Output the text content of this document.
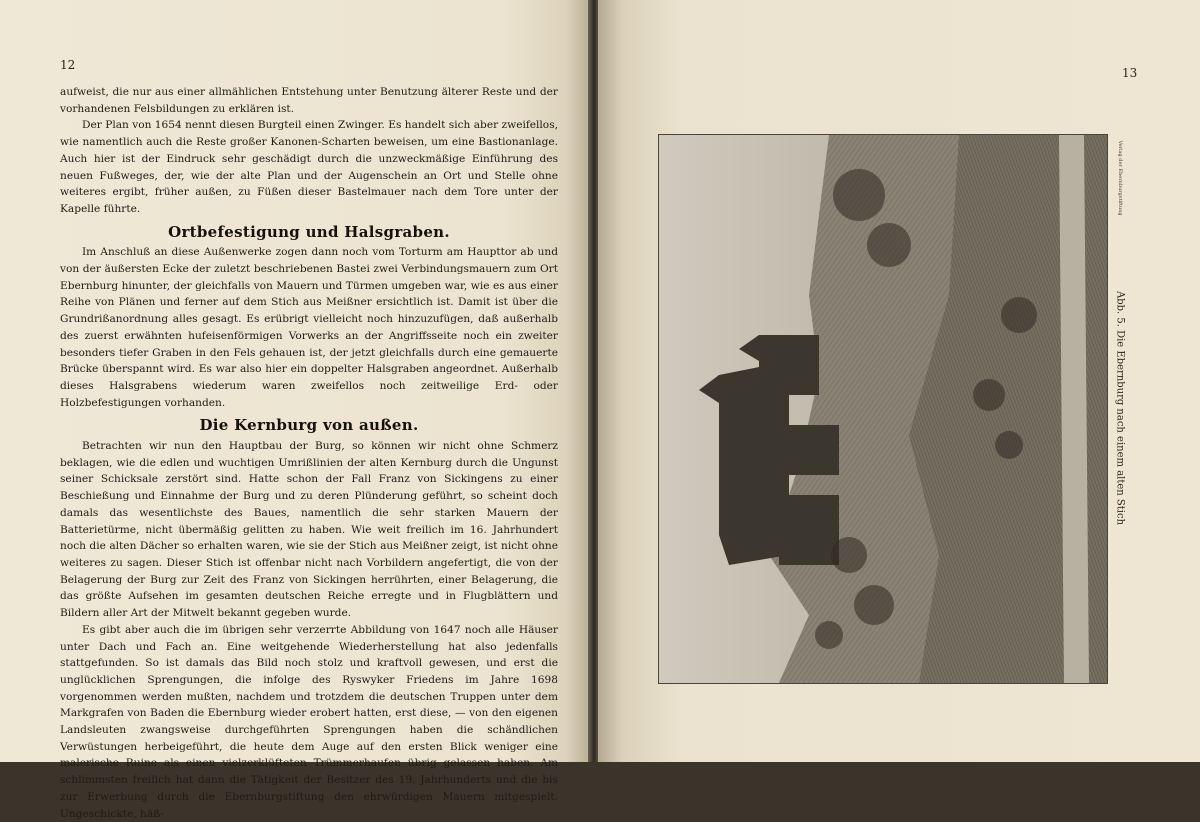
12

aufweist, die nur aus einer allmählichen Entstehung unter Benutzung älterer Reste und der vorhandenen Felsbildungen zu erklären ist.

Der Plan von 1654 nennt diesen Burgteil einen Zwinger. Es handelt sich aber zweifellos, wie namentlich auch die Reste großer Kanonen-Scharten beweisen, um eine Bastionanlage. Auch hier ist der Eindruck sehr geschädigt durch die unzweckmäßige Einführung des neuen Fußweges, der, wie der alte Plan und der Augenschein an Ort und Stelle ohne weiteres ergibt, früher außen, zu Füßen dieser Bastelmauer nach dem Tore unter der Kapelle führte.

Ortbefestigung und Halsgraben.

Im Anschluß an diese Außenwerke zogen dann noch vom Torturm am Haupttor ab und von der äußersten Ecke der zuletzt beschriebenen Bastei zwei Verbindungsmauern zum Ort Ebernburg hinunter, der gleichfalls von Mauern und Türmen umgeben war, wie es aus einer Reihe von Plänen und ferner auf dem Stich aus Meißner ersichtlich ist. Damit ist über die Grundrißanordnung alles gesagt. Es erübrigt vielleicht noch hinzuzufügen, daß außerhalb des zuerst erwähnten hufeisenförmigen Vorwerks an der Angriffsseite noch ein zweiter besonders tiefer Graben in den Fels gehauen ist, der jetzt gleichfalls durch eine gemauerte Brücke überspannt wird. Es war also hier ein doppelter Halsgraben angeordnet. Außerhalb dieses Halsgrabens wiederum waren zweifellos noch zeitweilige Erd- oder Holzbefestigungen vorhanden.

Die Kernburg von außen.

Betrachten wir nun den Hauptbau der Burg, so können wir nicht ohne Schmerz beklagen, wie die edlen und wuchtigen Umrißlinien der alten Kernburg durch die Ungunst seiner Schicksale zerstört sind. Hatte schon der Fall Franz von Sickingens zu einer Beschießung und Einnahme der Burg und zu deren Plünderung geführt, so scheint doch damals das wesentlichste des Baues, namentlich die sehr starken Mauern der Batterietürme, nicht übermäßig gelitten zu haben. Wie weit freilich im 16. Jahrhundert noch die alten Dächer so erhalten waren, wie sie der Stich aus Meißner zeigt, ist nicht ohne weiteres zu sagen. Dieser Stich ist offenbar nicht nach Vorbildern angefertigt, die von der Belagerung der Burg zur Zeit des Franz von Sickingen herrührten, einer Belagerung, die das größte Aufsehen im gesamten deutschen Reiche erregte und in Flugblättern und Bildern aller Art der Mitwelt bekannt gegeben wurde.

Es gibt aber auch die im übrigen sehr verzerrte Abbildung von 1647 noch alle Häuser unter Dach und Fach an. Eine weitgehende Wiederherstellung hat also jedenfalls stattgefunden. So ist damals das Bild noch stolz und kraftvoll gewesen, und erst die unglücklichen Sprengungen, die infolge des Ryswyker Friedens im Jahre 1698 vorgenommen werden mußten, nachdem und trotzdem die deutschen Truppen unter dem Markgrafen von Baden die Ebernburg wieder erobert hatten, erst diese, — von den eigenen Landsleuten zwangsweise durchgeführten Sprengungen haben die schändlichen Verwüstungen herbeigeführt, die heute dem Auge auf den ersten Blick weniger eine malerische Ruine als einen vielzerklüfteten Trümmerhaufen übrig gelassen haben. Am schlimmsten freilich hat dann die Tätigkeit der Besitzer des 19. Jahrhunderts und die bis zur Erwerbung durch die Ebernburgstiftung den ehrwürdigen Mauern mitgespielt. Ungeschickte, häß-

13
Abb. 5. Die Ebernburg nach einem alten Stich
Verlag der Ebernburgstiftung
